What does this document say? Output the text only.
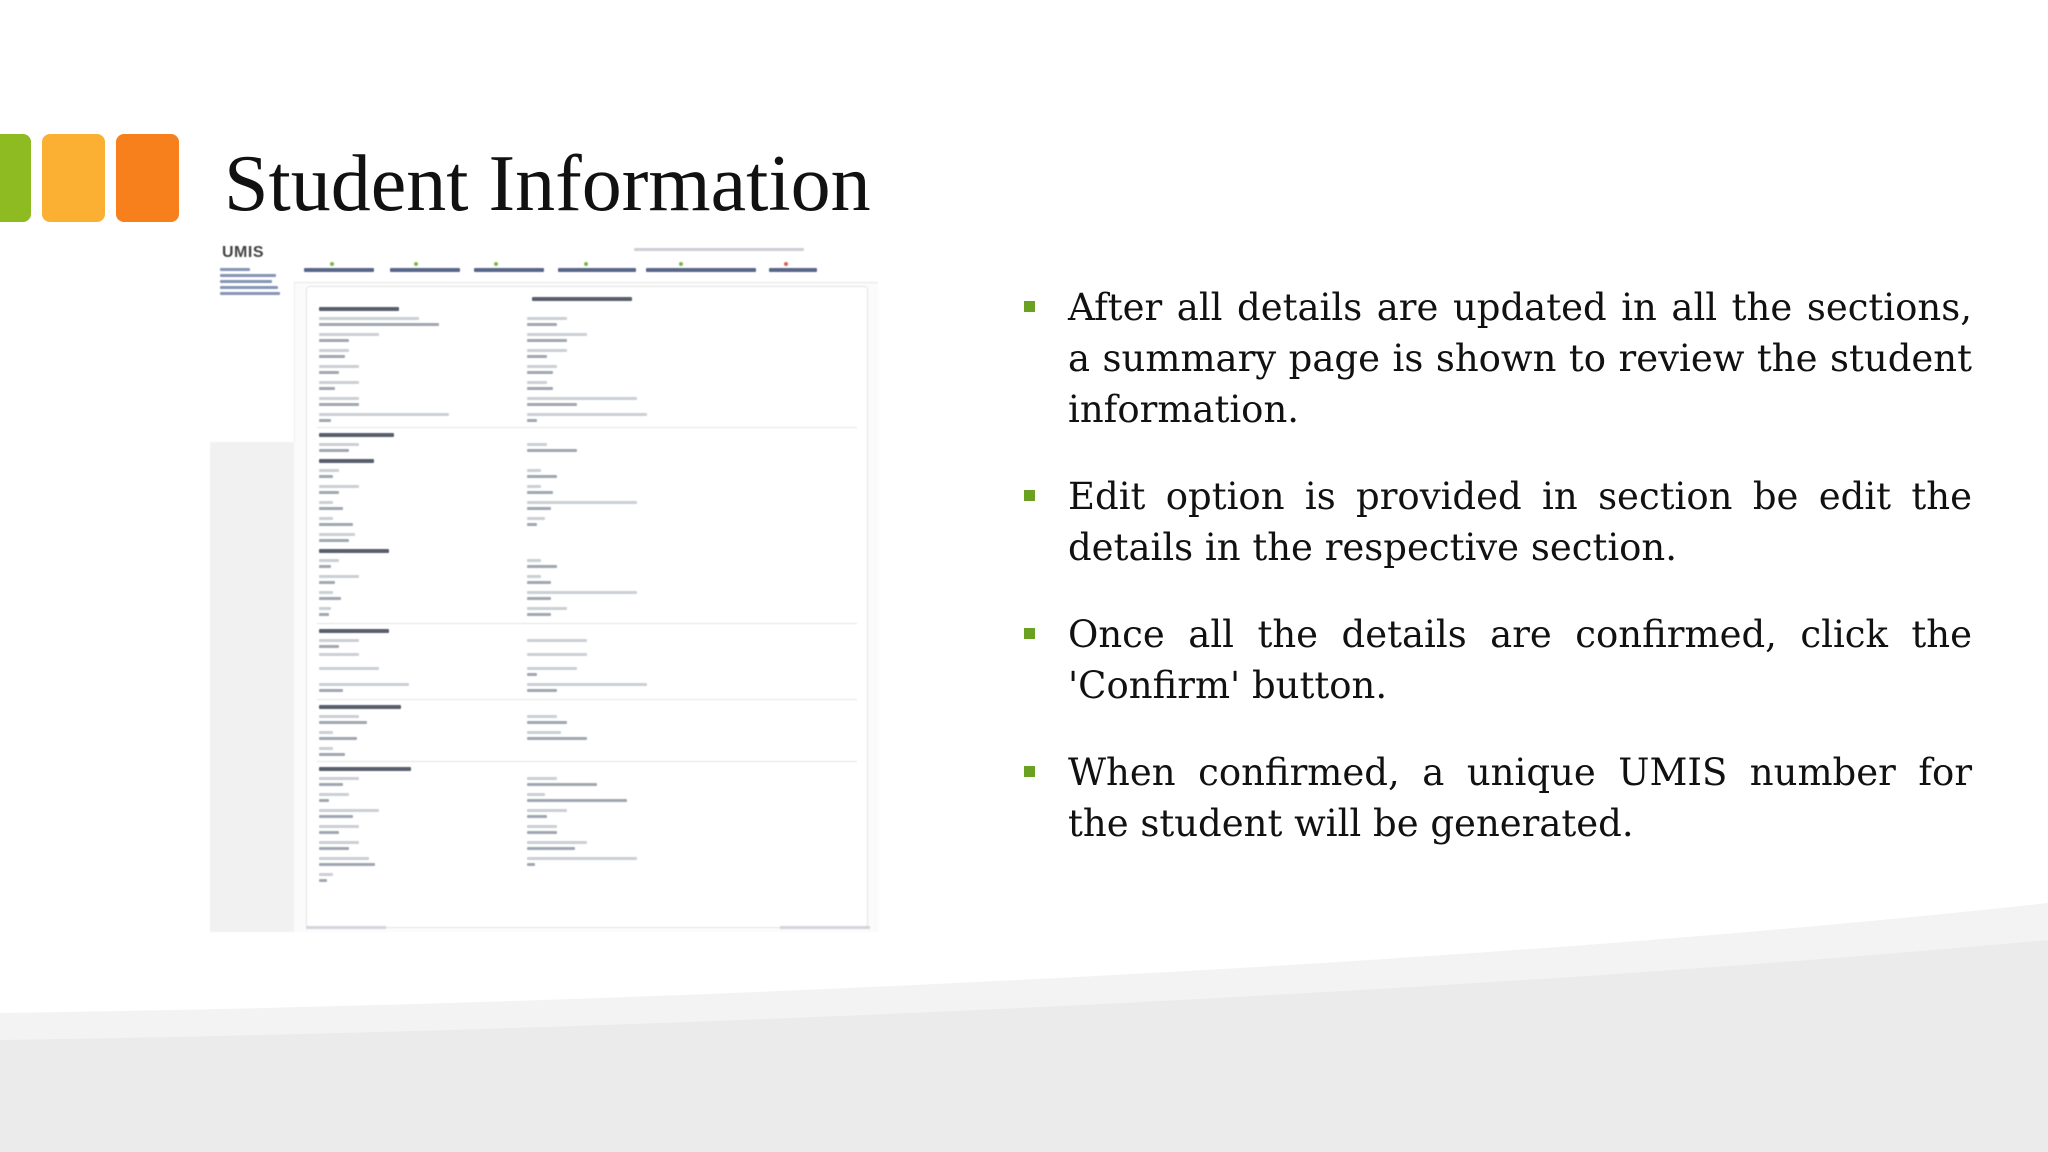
Student Information
UMIS
After all details are updated in all the sections, a summary page is shown to review the student information.
Edit option is provided in section be edit the details in the respective section.
Once all the details are confirmed, click the 'Confirm' button.
When confirmed, a unique UMIS number for the student will be generated.
